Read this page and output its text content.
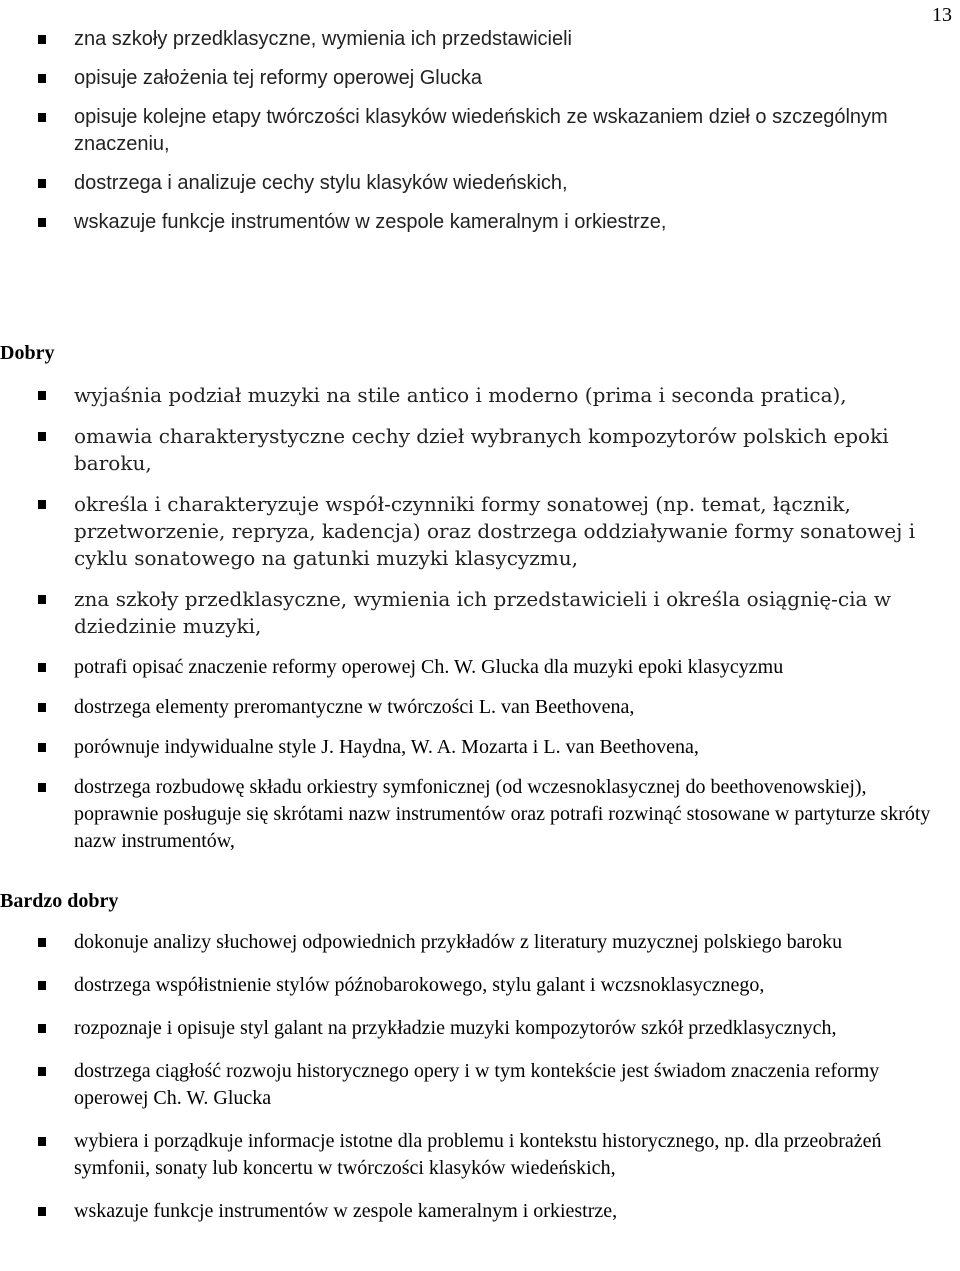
13
zna szkoły przedklasyczne, wymienia ich przedstawicieli
opisuje założenia tej reformy operowej Glucka
opisuje kolejne etapy twórczości klasyków wiedeńskich ze wskazaniem dzieł o szczególnym znaczeniu,
dostrzega i analizuje cechy stylu klasyków wiedeńskich,
wskazuje funkcje instrumentów w zespole kameralnym i orkiestrze,
Dobry
wyjaśnia podział muzyki na stile antico i moderno (prima i seconda pratica),
omawia charakterystyczne cechy dzieł wybranych kompozytorów polskich epoki baroku,
określa i charakteryzuje współ-czynniki formy sonatowej (np. temat, łącznik, przetworzenie, repryza, kadencja) oraz dostrzega oddziaływanie formy sonatowej i cyklu sonatowego na gatunki muzyki klasycyzmu,
zna szkoły przedklasyczne, wymienia ich przedstawicieli i określa osiągnię-cia w dziedzinie muzyki,
potrafi opisać znaczenie reformy operowej Ch. W. Glucka dla muzyki epoki klasycyzmu
dostrzega elementy preromantyczne w twórczości L. van Beethovena,
porównuje indywidualne style J. Haydna, W. A. Mozarta i L. van Beethovena,
dostrzega rozbudowę składu orkiestry symfonicznej (od wczesnoklasycznej do beethovenowskiej), poprawnie posługuje się skrótami nazw instrumentów oraz potrafi rozwinąć stosowane w partyturze skróty nazw instrumentów,
Bardzo dobry
dokonuje analizy słuchowej odpowiednich przykładów z literatury muzycznej polskiego baroku
dostrzega współistnienie stylów późnobarokowego, stylu galant i wczsnoklasycznego,
rozpoznaje i opisuje styl galant na przykładzie muzyki kompozytorów szkół przedklasycznych,
dostrzega ciągłość rozwoju historycznego opery i w tym kontekście jest świadom znaczenia reformy operowej Ch. W. Glucka
wybiera i porządkuje informacje istotne dla problemu i kontekstu historycznego, np. dla przeobrażeń symfonii, sonaty lub koncertu w twórczości klasyków wiedeńskich,
wskazuje funkcje instrumentów w zespole kameralnym i orkiestrze,
